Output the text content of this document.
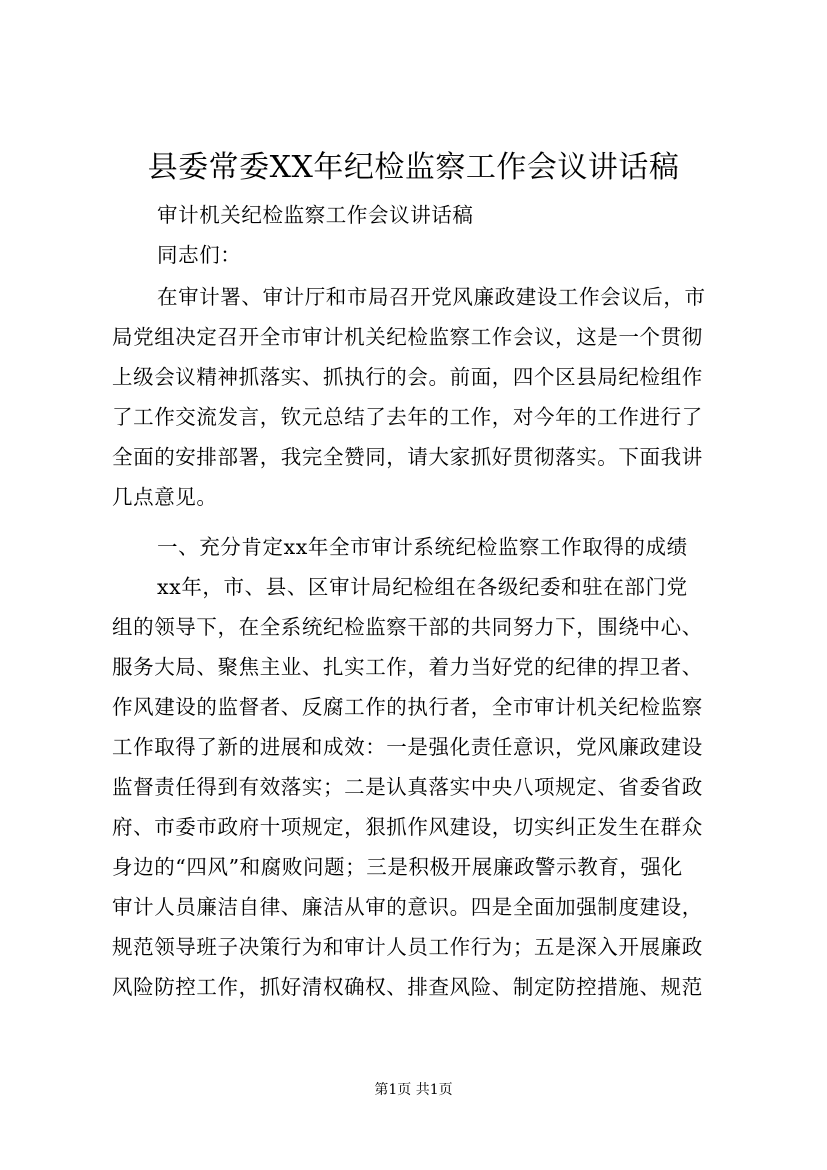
县委常委XX年纪检监察工作会议讲话稿
审计机关纪检监察工作会议讲话稿
同志们：
在审计署、审计厅和市局召开党风廉政建设工作会议后，市
局党组决定召开全市审计机关纪检监察工作会议，这是一个贯彻
上级会议精神抓落实、抓执行的会。前面，四个区县局纪检组作
了工作交流发言，钦元总结了去年的工作，对今年的工作进行了
全面的安排部署，我完全赞同，请大家抓好贯彻落实。下面我讲
几点意见。
一、充分肯定xx年全市审计系统纪检监察工作取得的成绩
xx年，市、县、区审计局纪检组在各级纪委和驻在部门党
组的领导下，在全系统纪检监察干部的共同努力下，围绕中心、
服务大局、聚焦主业、扎实工作，着力当好党的纪律的捍卫者、
作风建设的监督者、反腐工作的执行者，全市审计机关纪检监察
工作取得了新的进展和成效：一是强化责任意识，党风廉政建设
监督责任得到有效落实；二是认真落实中央八项规定、省委省政
府、市委市政府十项规定，狠抓作风建设，切实纠正发生在群众
身边的“四风”和腐败问题；三是积极开展廉政警示教育，强化
审计人员廉洁自律、廉洁从审的意识。四是全面加强制度建设，
规范领导班子决策行为和审计人员工作行为；五是深入开展廉政
风险防控工作，抓好清权确权、排查风险、制定防控措施、规范
第1页 共1页
